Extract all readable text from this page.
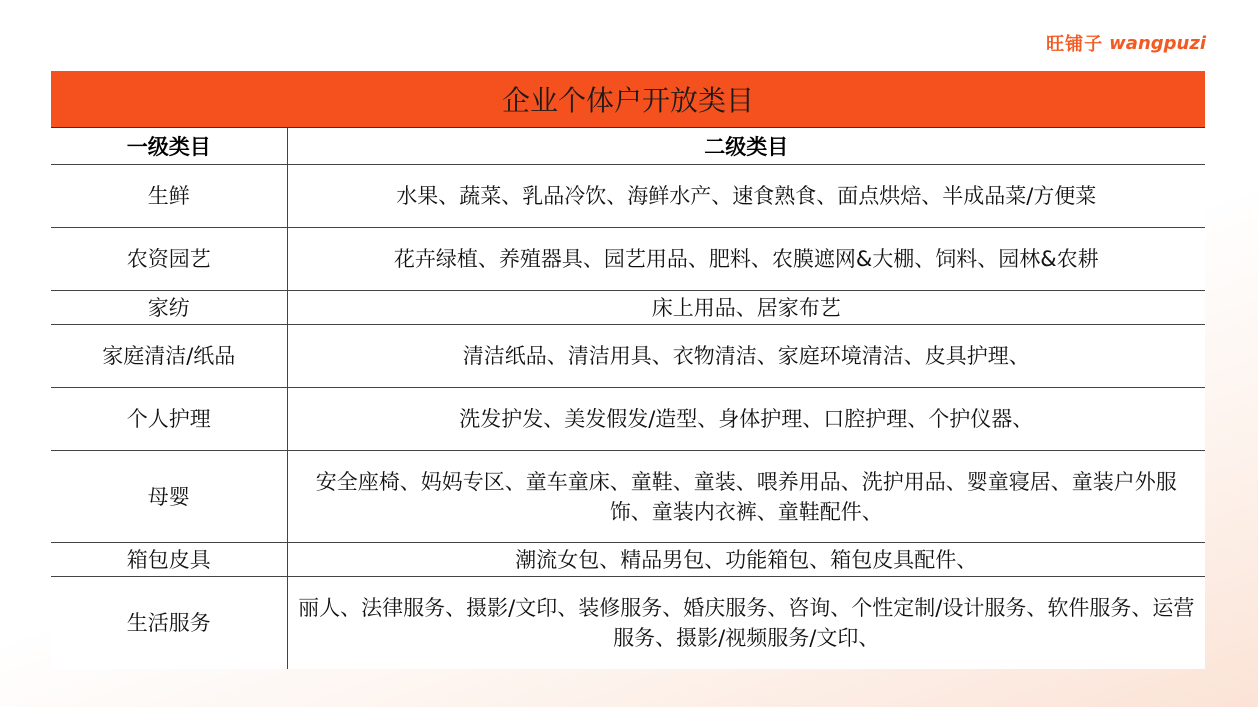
旺铺子 wangpuzi
企业个体户开放类目	
一级类目	二级类目
生鲜	水果、蔬菜、乳品冷饮、海鲜水产、速食熟食、面点烘焙、半成品菜/方便菜
农资园艺	花卉绿植、养殖器具、园艺用品、肥料、农膜遮网&大棚、饲料、园林&农耕
家纺	床上用品、居家布艺
家庭清洁/纸品	清洁纸品、清洁用具、衣物清洁、家庭环境清洁、皮具护理、
个人护理	洗发护发、美发假发/造型、身体护理、口腔护理、个护仪器、
母婴	安全座椅、妈妈专区、童车童床、童鞋、童装、喂养用品、洗护用品、婴童寝居、童装户外服饰、童装内衣裤、童鞋配件、
箱包皮具	潮流女包、精品男包、功能箱包、箱包皮具配件、
生活服务	丽人、法律服务、摄影/文印、装修服务、婚庆服务、咨询、个性定制/设计服务、软件服务、运营服务、摄影/视频服务/文印、
